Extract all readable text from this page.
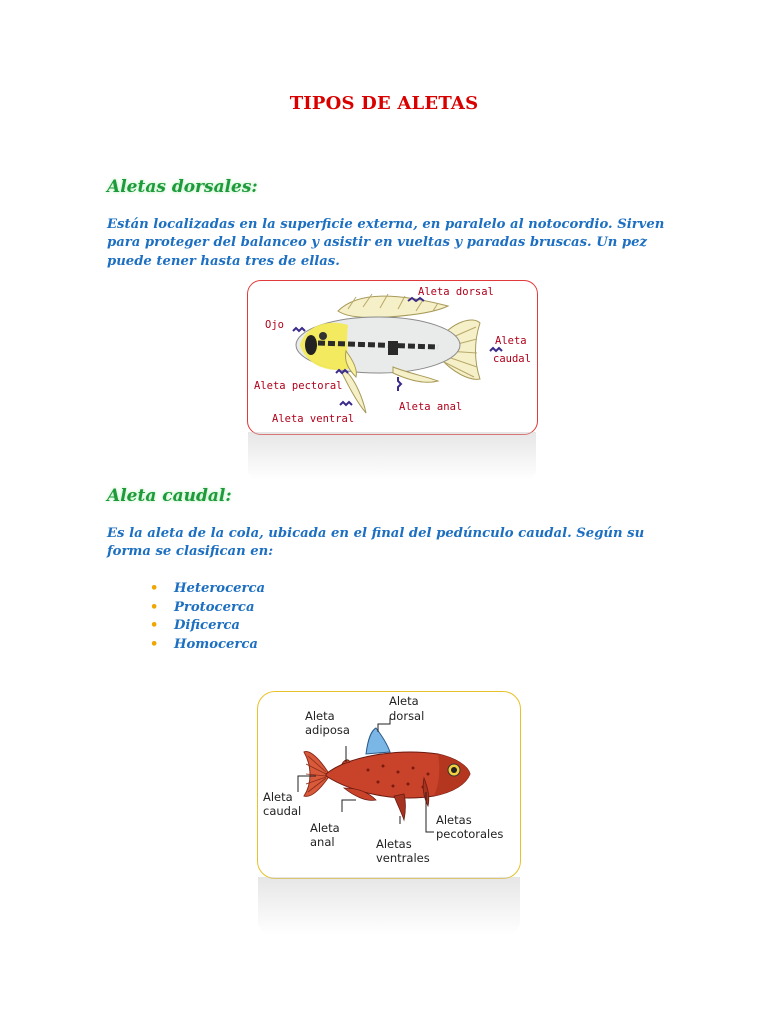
TIPOS DE ALETAS
Aletas dorsales:

Están localizadas en la superficie externa, en paralelo al notocordio. Sirven para proteger del balanceo y asistir en vueltas y paradas bruscas. Un pez puede tener hasta tres de ellas.

Aleta dorsal
Ojo
Aleta
caudal
Aleta pectoral
Aleta anal
Aleta ventral
Aleta caudal:

Es la aleta de la cola, ubicada en el final del pedúnculo caudal. Según su forma se clasifican en:

• Heterocerca
• Protocerca
• Dificerca
• Homocerca
Aleta
dorsal
Aleta
adiposa
Aleta
caudal
Aleta
anal	Aletas
ventrales
Aletas
pecotorales
